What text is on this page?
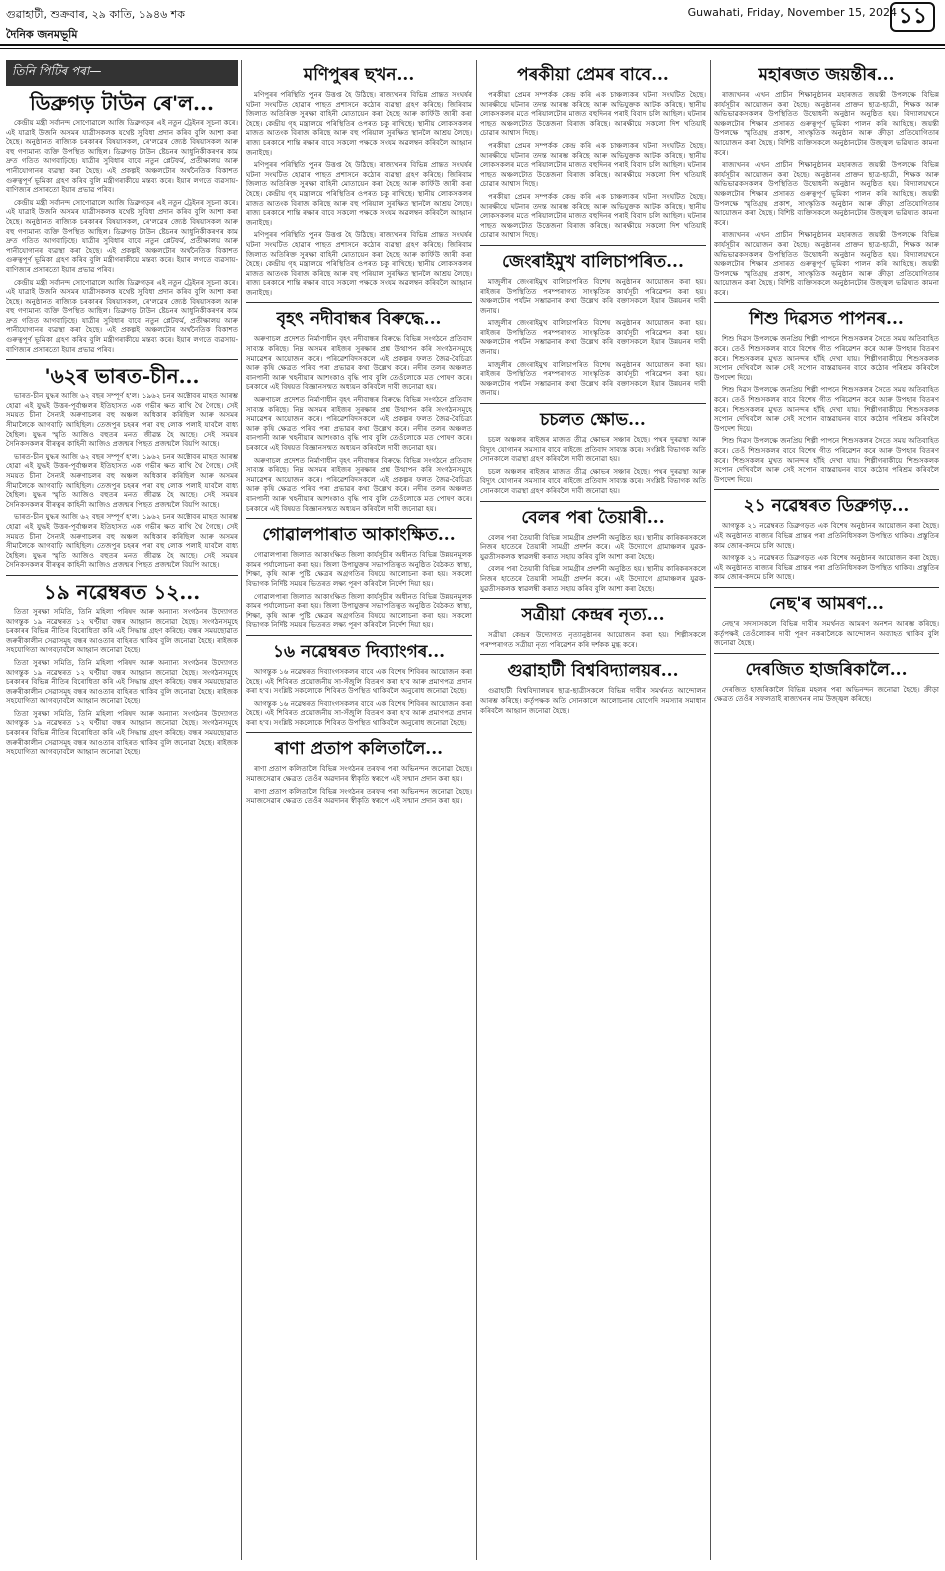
গুৱাহাটী, শুক্ৰবাৰ, ২৯ কাতি, ১৯৪৬ শক	Guwahati, Friday, November 15, 2024 ১১
দৈনিক জনমভূমি
তিনি পিটিৰ পৰা—
ডিব্ৰুগড় টাউন ৰে'ল...

কেন্দ্ৰীয় মন্ত্ৰী সৰ্বানন্দ সোণোৱালে আজি ডিব্ৰুগড়ৰ এই নতুন ট্ৰেইনৰ সূচনা কৰে। এই যাত্ৰাই উজনি অসমৰ যাত্ৰীসকলক যথেষ্ট সুবিধা প্ৰদান কৰিব বুলি আশা কৰা হৈছে। অনুষ্ঠানত ৰাজ্যিক চৰকাৰৰ বিষয়াসকল, ৰে'লৱেৰ জ্যেষ্ঠ বিষয়াসকল আৰু বহু গণ্যমান্য ব্যক্তি উপস্থিত আছিল। ডিব্ৰুগড় টাউন ষ্টেচনৰ আধুনিকীকৰণৰ কাম দ্ৰুত গতিত আগবাঢ়িছে। যাত্ৰীৰ সুবিধাৰ বাবে নতুন প্লেটফৰ্ম, প্ৰতীক্ষালয় আৰু পানীযোগানৰ ব্যৱস্থা কৰা হৈছে। এই প্ৰকল্পই অঞ্চলটোৰ অৰ্থনৈতিক বিকাশত গুৰুত্বপূৰ্ণ ভূমিকা গ্ৰহণ কৰিব বুলি মন্ত্ৰীগৰাকীয়ে মন্তব্য কৰে। ইয়াৰ লগতে ব্যৱসায়-বাণিজ্যৰ প্ৰসাৰতো ইয়াৰ প্ৰভাৱ পৰিব।

কেন্দ্ৰীয় মন্ত্ৰী সৰ্বানন্দ সোণোৱালে আজি ডিব্ৰুগড়ৰ এই নতুন ট্ৰেইনৰ সূচনা কৰে। এই যাত্ৰাই উজনি অসমৰ যাত্ৰীসকলক যথেষ্ট সুবিধা প্ৰদান কৰিব বুলি আশা কৰা হৈছে। অনুষ্ঠানত ৰাজ্যিক চৰকাৰৰ বিষয়াসকল, ৰে'লৱেৰ জ্যেষ্ঠ বিষয়াসকল আৰু বহু গণ্যমান্য ব্যক্তি উপস্থিত আছিল। ডিব্ৰুগড় টাউন ষ্টেচনৰ আধুনিকীকৰণৰ কাম দ্ৰুত গতিত আগবাঢ়িছে। যাত্ৰীৰ সুবিধাৰ বাবে নতুন প্লেটফৰ্ম, প্ৰতীক্ষালয় আৰু পানীযোগানৰ ব্যৱস্থা কৰা হৈছে। এই প্ৰকল্পই অঞ্চলটোৰ অৰ্থনৈতিক বিকাশত গুৰুত্বপূৰ্ণ ভূমিকা গ্ৰহণ কৰিব বুলি মন্ত্ৰীগৰাকীয়ে মন্তব্য কৰে। ইয়াৰ লগতে ব্যৱসায়-বাণিজ্যৰ প্ৰসাৰতো ইয়াৰ প্ৰভাৱ পৰিব।

কেন্দ্ৰীয় মন্ত্ৰী সৰ্বানন্দ সোণোৱালে আজি ডিব্ৰুগড়ৰ এই নতুন ট্ৰেইনৰ সূচনা কৰে। এই যাত্ৰাই উজনি অসমৰ যাত্ৰীসকলক যথেষ্ট সুবিধা প্ৰদান কৰিব বুলি আশা কৰা হৈছে। অনুষ্ঠানত ৰাজ্যিক চৰকাৰৰ বিষয়াসকল, ৰে'লৱেৰ জ্যেষ্ঠ বিষয়াসকল আৰু বহু গণ্যমান্য ব্যক্তি উপস্থিত আছিল। ডিব্ৰুগড় টাউন ষ্টেচনৰ আধুনিকীকৰণৰ কাম দ্ৰুত গতিত আগবাঢ়িছে। যাত্ৰীৰ সুবিধাৰ বাবে নতুন প্লেটফৰ্ম, প্ৰতীক্ষালয় আৰু পানীযোগানৰ ব্যৱস্থা কৰা হৈছে। এই প্ৰকল্পই অঞ্চলটোৰ অৰ্থনৈতিক বিকাশত গুৰুত্বপূৰ্ণ ভূমিকা গ্ৰহণ কৰিব বুলি মন্ত্ৰীগৰাকীয়ে মন্তব্য কৰে। ইয়াৰ লগতে ব্যৱসায়-বাণিজ্যৰ প্ৰসাৰতো ইয়াৰ প্ৰভাৱ পৰিব।

'৬২ৰ ভাৰত-চীন...

ভাৰত-চীন যুদ্ধৰ আজি ৬২ বছৰ সম্পূৰ্ণ হ'ল। ১৯৬২ চনৰ অক্টোবৰ মাহত আৰম্ভ হোৱা এই যুদ্ধই উত্তৰ-পূৰ্বাঞ্চলৰ ইতিহাসত এক গভীৰ ক্ষত ৰাখি থৈ গৈছে। সেই সময়ত চীনা সৈন্যই অৰুণাচলৰ বহু অঞ্চল অধিকাৰ কৰিছিল আৰু অসমৰ সীমালৈকে আগবাঢ়ি আহিছিল। তেজপুৰ চহৰৰ পৰা বহু লোক পলাই যাবলৈ বাধ্য হৈছিল। যুদ্ধৰ স্মৃতি আজিও বহুতৰ মনত জীৱন্ত হৈ আছে। সেই সময়ৰ সৈনিকসকলৰ বীৰত্বৰ কাহিনী আজিও প্ৰজন্মৰ পিছত প্ৰজন্মলৈ বিয়পি আছে।

ভাৰত-চীন যুদ্ধৰ আজি ৬২ বছৰ সম্পূৰ্ণ হ'ল। ১৯৬২ চনৰ অক্টোবৰ মাহত আৰম্ভ হোৱা এই যুদ্ধই উত্তৰ-পূৰ্বাঞ্চলৰ ইতিহাসত এক গভীৰ ক্ষত ৰাখি থৈ গৈছে। সেই সময়ত চীনা সৈন্যই অৰুণাচলৰ বহু অঞ্চল অধিকাৰ কৰিছিল আৰু অসমৰ সীমালৈকে আগবাঢ়ি আহিছিল। তেজপুৰ চহৰৰ পৰা বহু লোক পলাই যাবলৈ বাধ্য হৈছিল। যুদ্ধৰ স্মৃতি আজিও বহুতৰ মনত জীৱন্ত হৈ আছে। সেই সময়ৰ সৈনিকসকলৰ বীৰত্বৰ কাহিনী আজিও প্ৰজন্মৰ পিছত প্ৰজন্মলৈ বিয়পি আছে।

ভাৰত-চীন যুদ্ধৰ আজি ৬২ বছৰ সম্পূৰ্ণ হ'ল। ১৯৬২ চনৰ অক্টোবৰ মাহত আৰম্ভ হোৱা এই যুদ্ধই উত্তৰ-পূৰ্বাঞ্চলৰ ইতিহাসত এক গভীৰ ক্ষত ৰাখি থৈ গৈছে। সেই সময়ত চীনা সৈন্যই অৰুণাচলৰ বহু অঞ্চল অধিকাৰ কৰিছিল আৰু অসমৰ সীমালৈকে আগবাঢ়ি আহিছিল। তেজপুৰ চহৰৰ পৰা বহু লোক পলাই যাবলৈ বাধ্য হৈছিল। যুদ্ধৰ স্মৃতি আজিও বহুতৰ মনত জীৱন্ত হৈ আছে। সেই সময়ৰ সৈনিকসকলৰ বীৰত্বৰ কাহিনী আজিও প্ৰজন্মৰ পিছত প্ৰজন্মলৈ বিয়পি আছে।

১৯ নৱেম্বৰত ১২...

তিতা সুৰক্ষা সমিতি, তিনি মহিলা পৰিষদ আৰু অন্যান্য সংগঠনৰ উদ্যোগত আগন্তুক ১৯ নৱেম্বৰত ১২ ঘণ্টীয়া বন্ধৰ আহ্বান জনোৱা হৈছে। সংগঠনসমূহে চৰকাৰৰ বিভিন্ন নীতিৰ বিৰোধিতা কৰি এই সিদ্ধান্ত গ্ৰহণ কৰিছে। বন্ধৰ সময়ছোৱাত জৰুৰীকালীন সেৱাসমূহ বন্ধৰ আওতাৰ বাহিৰত থাকিব বুলি জনোৱা হৈছে। ৰাইজক সহযোগিতা আগবঢ়াবলৈ আহ্বান জনোৱা হৈছে।

তিতা সুৰক্ষা সমিতি, তিনি মহিলা পৰিষদ আৰু অন্যান্য সংগঠনৰ উদ্যোগত আগন্তুক ১৯ নৱেম্বৰত ১২ ঘণ্টীয়া বন্ধৰ আহ্বান জনোৱা হৈছে। সংগঠনসমূহে চৰকাৰৰ বিভিন্ন নীতিৰ বিৰোধিতা কৰি এই সিদ্ধান্ত গ্ৰহণ কৰিছে। বন্ধৰ সময়ছোৱাত জৰুৰীকালীন সেৱাসমূহ বন্ধৰ আওতাৰ বাহিৰত থাকিব বুলি জনোৱা হৈছে। ৰাইজক সহযোগিতা আগবঢ়াবলৈ আহ্বান জনোৱা হৈছে।

তিতা সুৰক্ষা সমিতি, তিনি মহিলা পৰিষদ আৰু অন্যান্য সংগঠনৰ উদ্যোগত আগন্তুক ১৯ নৱেম্বৰত ১২ ঘণ্টীয়া বন্ধৰ আহ্বান জনোৱা হৈছে। সংগঠনসমূহে চৰকাৰৰ বিভিন্ন নীতিৰ বিৰোধিতা কৰি এই সিদ্ধান্ত গ্ৰহণ কৰিছে। বন্ধৰ সময়ছোৱাত জৰুৰীকালীন সেৱাসমূহ বন্ধৰ আওতাৰ বাহিৰত থাকিব বুলি জনোৱা হৈছে। ৰাইজক সহযোগিতা আগবঢ়াবলৈ আহ্বান জনোৱা হৈছে।

মণিপুৰৰ ছখন...

মণিপুৰৰ পৰিস্থিতি পুনৰ উত্তপ্ত হৈ উঠিছে। ৰাজ্যখনৰ বিভিন্ন প্ৰান্তত সংঘৰ্ষৰ ঘটনা সংঘটিত হোৱাৰ পাছত প্ৰশাসনে কঠোৰ ব্যৱস্থা গ্ৰহণ কৰিছে। জিৰিবাম জিলাত অতিৰিক্ত সুৰক্ষা বাহিনী মোতায়েন কৰা হৈছে আৰু কাৰ্ফিউ জাৰী কৰা হৈছে। কেন্দ্ৰীয় গৃহ মন্ত্ৰালয়ে পৰিস্থিতিৰ ওপৰত চকু ৰাখিছে। স্থানীয় লোকসকলৰ মাজত আতংক বিৰাজ কৰিছে আৰু বহু পৰিয়াল সুৰক্ষিত স্থানলৈ আশ্ৰয় লৈছে। ৰাজ্য চৰকাৰে শান্তি ৰক্ষাৰ বাবে সকলো পক্ষকে সংযম অৱলম্বন কৰিবলৈ আহ্বান জনাইছে।

মণিপুৰৰ পৰিস্থিতি পুনৰ উত্তপ্ত হৈ উঠিছে। ৰাজ্যখনৰ বিভিন্ন প্ৰান্তত সংঘৰ্ষৰ ঘটনা সংঘটিত হোৱাৰ পাছত প্ৰশাসনে কঠোৰ ব্যৱস্থা গ্ৰহণ কৰিছে। জিৰিবাম জিলাত অতিৰিক্ত সুৰক্ষা বাহিনী মোতায়েন কৰা হৈছে আৰু কাৰ্ফিউ জাৰী কৰা হৈছে। কেন্দ্ৰীয় গৃহ মন্ত্ৰালয়ে পৰিস্থিতিৰ ওপৰত চকু ৰাখিছে। স্থানীয় লোকসকলৰ মাজত আতংক বিৰাজ কৰিছে আৰু বহু পৰিয়াল সুৰক্ষিত স্থানলৈ আশ্ৰয় লৈছে। ৰাজ্য চৰকাৰে শান্তি ৰক্ষাৰ বাবে সকলো পক্ষকে সংযম অৱলম্বন কৰিবলৈ আহ্বান জনাইছে।

মণিপুৰৰ পৰিস্থিতি পুনৰ উত্তপ্ত হৈ উঠিছে। ৰাজ্যখনৰ বিভিন্ন প্ৰান্তত সংঘৰ্ষৰ ঘটনা সংঘটিত হোৱাৰ পাছত প্ৰশাসনে কঠোৰ ব্যৱস্থা গ্ৰহণ কৰিছে। জিৰিবাম জিলাত অতিৰিক্ত সুৰক্ষা বাহিনী মোতায়েন কৰা হৈছে আৰু কাৰ্ফিউ জাৰী কৰা হৈছে। কেন্দ্ৰীয় গৃহ মন্ত্ৰালয়ে পৰিস্থিতিৰ ওপৰত চকু ৰাখিছে। স্থানীয় লোকসকলৰ মাজত আতংক বিৰাজ কৰিছে আৰু বহু পৰিয়াল সুৰক্ষিত স্থানলৈ আশ্ৰয় লৈছে। ৰাজ্য চৰকাৰে শান্তি ৰক্ষাৰ বাবে সকলো পক্ষকে সংযম অৱলম্বন কৰিবলৈ আহ্বান জনাইছে।

বৃহৎ নদীবান্ধৰ বিৰুদ্ধে...

অৰুণাচল প্ৰদেশত নিৰ্মাণাধীন বৃহৎ নদীবান্ধৰ বিৰুদ্ধে বিভিন্ন সংগঠনে প্ৰতিবাদ সাব্যস্ত কৰিছে। নিম্ন অসমৰ ৰাইজৰ সুৰক্ষাৰ প্ৰশ্ন উত্থাপন কৰি সংগঠনসমূহে সমাৱেশৰ আয়োজন কৰে। পৰিৱেশবিদসকলে এই প্ৰকল্পৰ ফলত জৈৱ-বৈচিত্ৰ্য আৰু কৃষি ক্ষেত্ৰত পৰিব পৰা প্ৰভাৱৰ কথা উল্লেখ কৰে। নদীৰ তলৰ অঞ্চলত বানপানী আৰু খহনীয়াৰ আশংকাও বৃদ্ধি পাব বুলি তেওঁলোকে মত পোষণ কৰে। চৰকাৰে এই বিষয়ত বিজ্ঞানসন্মত অধ্যয়ন কৰিবলৈ দাবী জনোৱা হয়।

অৰুণাচল প্ৰদেশত নিৰ্মাণাধীন বৃহৎ নদীবান্ধৰ বিৰুদ্ধে বিভিন্ন সংগঠনে প্ৰতিবাদ সাব্যস্ত কৰিছে। নিম্ন অসমৰ ৰাইজৰ সুৰক্ষাৰ প্ৰশ্ন উত্থাপন কৰি সংগঠনসমূহে সমাৱেশৰ আয়োজন কৰে। পৰিৱেশবিদসকলে এই প্ৰকল্পৰ ফলত জৈৱ-বৈচিত্ৰ্য আৰু কৃষি ক্ষেত্ৰত পৰিব পৰা প্ৰভাৱৰ কথা উল্লেখ কৰে। নদীৰ তলৰ অঞ্চলত বানপানী আৰু খহনীয়াৰ আশংকাও বৃদ্ধি পাব বুলি তেওঁলোকে মত পোষণ কৰে। চৰকাৰে এই বিষয়ত বিজ্ঞানসন্মত অধ্যয়ন কৰিবলৈ দাবী জনোৱা হয়।

অৰুণাচল প্ৰদেশত নিৰ্মাণাধীন বৃহৎ নদীবান্ধৰ বিৰুদ্ধে বিভিন্ন সংগঠনে প্ৰতিবাদ সাব্যস্ত কৰিছে। নিম্ন অসমৰ ৰাইজৰ সুৰক্ষাৰ প্ৰশ্ন উত্থাপন কৰি সংগঠনসমূহে সমাৱেশৰ আয়োজন কৰে। পৰিৱেশবিদসকলে এই প্ৰকল্পৰ ফলত জৈৱ-বৈচিত্ৰ্য আৰু কৃষি ক্ষেত্ৰত পৰিব পৰা প্ৰভাৱৰ কথা উল্লেখ কৰে। নদীৰ তলৰ অঞ্চলত বানপানী আৰু খহনীয়াৰ আশংকাও বৃদ্ধি পাব বুলি তেওঁলোকে মত পোষণ কৰে। চৰকাৰে এই বিষয়ত বিজ্ঞানসন্মত অধ্যয়ন কৰিবলৈ দাবী জনোৱা হয়।

গোৱালপাৰাত আকাংক্ষিত...

গোৱালপাৰা জিলাত আকাংক্ষিত জিলা কাৰ্যসূচীৰ অধীনত বিভিন্ন উন্নয়নমূলক কামৰ পৰ্যালোচনা কৰা হয়। জিলা উপায়ুক্তৰ সভাপতিত্বত অনুষ্ঠিত বৈঠকত স্বাস্থ্য, শিক্ষা, কৃষি আৰু পুষ্টি ক্ষেত্ৰৰ অগ্ৰগতিৰ বিষয়ে আলোচনা কৰা হয়। সকলো বিভাগক নিৰ্দিষ্ট সময়ৰ ভিতৰত লক্ষ্য পূৰণ কৰিবলৈ নিৰ্দেশ দিয়া হয়।

গোৱালপাৰা জিলাত আকাংক্ষিত জিলা কাৰ্যসূচীৰ অধীনত বিভিন্ন উন্নয়নমূলক কামৰ পৰ্যালোচনা কৰা হয়। জিলা উপায়ুক্তৰ সভাপতিত্বত অনুষ্ঠিত বৈঠকত স্বাস্থ্য, শিক্ষা, কৃষি আৰু পুষ্টি ক্ষেত্ৰৰ অগ্ৰগতিৰ বিষয়ে আলোচনা কৰা হয়। সকলো বিভাগক নিৰ্দিষ্ট সময়ৰ ভিতৰত লক্ষ্য পূৰণ কৰিবলৈ নিৰ্দেশ দিয়া হয়।

১৬ নৱেম্বৰত দিব্যাংগৰ...

আগন্তুক ১৬ নৱেম্বৰত দিব্যাংগসকলৰ বাবে এক বিশেষ শিবিৰৰ আয়োজন কৰা হৈছে। এই শিবিৰত প্ৰয়োজনীয় সা-সঁজুলি বিতৰণ কৰা হ'ব আৰু প্ৰমাণপত্ৰ প্ৰদান কৰা হ'ব। সংশ্লিষ্ট সকলোকে শিবিৰত উপস্থিত থাকিবলৈ অনুৰোধ জনোৱা হৈছে।

আগন্তুক ১৬ নৱেম্বৰত দিব্যাংগসকলৰ বাবে এক বিশেষ শিবিৰৰ আয়োজন কৰা হৈছে। এই শিবিৰত প্ৰয়োজনীয় সা-সঁজুলি বিতৰণ কৰা হ'ব আৰু প্ৰমাণপত্ৰ প্ৰদান কৰা হ'ব। সংশ্লিষ্ট সকলোকে শিবিৰত উপস্থিত থাকিবলৈ অনুৰোধ জনোৱা হৈছে।

ৰাণা প্ৰতাপ কলিতালৈ...

ৰাণা প্ৰতাপ কলিতালৈ বিভিন্ন সংগঠনৰ তৰফৰ পৰা অভিনন্দন জনোৱা হৈছে। সমাজসেৱাৰ ক্ষেত্ৰত তেওঁৰ অৱদানৰ স্বীকৃতি স্বৰূপে এই সন্মান প্ৰদান কৰা হয়।

ৰাণা প্ৰতাপ কলিতালৈ বিভিন্ন সংগঠনৰ তৰফৰ পৰা অভিনন্দন জনোৱা হৈছে। সমাজসেৱাৰ ক্ষেত্ৰত তেওঁৰ অৱদানৰ স্বীকৃতি স্বৰূপে এই সন্মান প্ৰদান কৰা হয়।

পৰকীয়া প্ৰেমৰ বাবে...

পৰকীয়া প্ৰেমৰ সম্পৰ্কক কেন্দ্ৰ কৰি এক চাঞ্চল্যকৰ ঘটনা সংঘটিত হৈছে। আৰক্ষীয়ে ঘটনাৰ তদন্ত আৰম্ভ কৰিছে আৰু অভিযুক্তক আটক কৰিছে। স্থানীয় লোকসকলৰ মতে পৰিয়ালটোৰ মাজত বহুদিনৰ পৰাই বিবাদ চলি আছিল। ঘটনাৰ পাছত অঞ্চলটোত উত্তেজনা বিৰাজ কৰিছে। আৰক্ষীয়ে সকলো দিশ খতিয়াই চোৱাৰ আশ্বাস দিছে।

পৰকীয়া প্ৰেমৰ সম্পৰ্কক কেন্দ্ৰ কৰি এক চাঞ্চল্যকৰ ঘটনা সংঘটিত হৈছে। আৰক্ষীয়ে ঘটনাৰ তদন্ত আৰম্ভ কৰিছে আৰু অভিযুক্তক আটক কৰিছে। স্থানীয় লোকসকলৰ মতে পৰিয়ালটোৰ মাজত বহুদিনৰ পৰাই বিবাদ চলি আছিল। ঘটনাৰ পাছত অঞ্চলটোত উত্তেজনা বিৰাজ কৰিছে। আৰক্ষীয়ে সকলো দিশ খতিয়াই চোৱাৰ আশ্বাস দিছে।

পৰকীয়া প্ৰেমৰ সম্পৰ্কক কেন্দ্ৰ কৰি এক চাঞ্চল্যকৰ ঘটনা সংঘটিত হৈছে। আৰক্ষীয়ে ঘটনাৰ তদন্ত আৰম্ভ কৰিছে আৰু অভিযুক্তক আটক কৰিছে। স্থানীয় লোকসকলৰ মতে পৰিয়ালটোৰ মাজত বহুদিনৰ পৰাই বিবাদ চলি আছিল। ঘটনাৰ পাছত অঞ্চলটোত উত্তেজনা বিৰাজ কৰিছে। আৰক্ষীয়ে সকলো দিশ খতিয়াই চোৱাৰ আশ্বাস দিছে।

জেংৰাইমুখ বালিচাপৰিত...

মাজুলীৰ জেংৰাইমুখ বালিচাপৰিত বিশেষ অনুষ্ঠানৰ আয়োজন কৰা হয়। ৰাইজৰ উপস্থিতিত পৰম্পৰাগত সাংস্কৃতিক কাৰ্যসূচী পৰিৱেশন কৰা হয়। অঞ্চলটোৰ পৰ্যটন সম্ভাৱনাৰ কথা উল্লেখ কৰি বক্তাসকলে ইয়াৰ উন্নয়নৰ দাবী জনায়।

মাজুলীৰ জেংৰাইমুখ বালিচাপৰিত বিশেষ অনুষ্ঠানৰ আয়োজন কৰা হয়। ৰাইজৰ উপস্থিতিত পৰম্পৰাগত সাংস্কৃতিক কাৰ্যসূচী পৰিৱেশন কৰা হয়। অঞ্চলটোৰ পৰ্যটন সম্ভাৱনাৰ কথা উল্লেখ কৰি বক্তাসকলে ইয়াৰ উন্নয়নৰ দাবী জনায়।

মাজুলীৰ জেংৰাইমুখ বালিচাপৰিত বিশেষ অনুষ্ঠানৰ আয়োজন কৰা হয়। ৰাইজৰ উপস্থিতিত পৰম্পৰাগত সাংস্কৃতিক কাৰ্যসূচী পৰিৱেশন কৰা হয়। অঞ্চলটোৰ পৰ্যটন সম্ভাৱনাৰ কথা উল্লেখ কৰি বক্তাসকলে ইয়াৰ উন্নয়নৰ দাবী জনায়।

চচলত ক্ষোভ...

চচল অঞ্চলৰ ৰাইজৰ মাজত তীব্ৰ ক্ষোভৰ সঞ্চাৰ হৈছে। পথৰ দুৰৱস্থা আৰু বিদ্যুৎ যোগানৰ সমস্যাৰ বাবে ৰাইজে প্ৰতিবাদ সাব্যস্ত কৰে। সংশ্লিষ্ট বিভাগক অতি সোনকালে ব্যৱস্থা গ্ৰহণ কৰিবলৈ দাবী জনোৱা হয়।

চচল অঞ্চলৰ ৰাইজৰ মাজত তীব্ৰ ক্ষোভৰ সঞ্চাৰ হৈছে। পথৰ দুৰৱস্থা আৰু বিদ্যুৎ যোগানৰ সমস্যাৰ বাবে ৰাইজে প্ৰতিবাদ সাব্যস্ত কৰে। সংশ্লিষ্ট বিভাগক অতি সোনকালে ব্যৱস্থা গ্ৰহণ কৰিবলৈ দাবী জনোৱা হয়।

বেলৰ পৰা তৈয়াৰী...

বেলৰ পৰা তৈয়াৰী বিভিন্ন সামগ্ৰীৰ প্ৰদৰ্শনী অনুষ্ঠিত হয়। স্থানীয় কাৰিকৰসকলে নিজৰ হাতেৰে তৈয়াৰী সামগ্ৰী প্ৰদৰ্শন কৰে। এই উদ্যোগে গ্ৰামাঞ্চলৰ যুৱক-যুৱতীসকলক স্বাৱলম্বী কৰাত সহায় কৰিব বুলি আশা কৰা হৈছে।

বেলৰ পৰা তৈয়াৰী বিভিন্ন সামগ্ৰীৰ প্ৰদৰ্শনী অনুষ্ঠিত হয়। স্থানীয় কাৰিকৰসকলে নিজৰ হাতেৰে তৈয়াৰী সামগ্ৰী প্ৰদৰ্শন কৰে। এই উদ্যোগে গ্ৰামাঞ্চলৰ যুৱক-যুৱতীসকলক স্বাৱলম্বী কৰাত সহায় কৰিব বুলি আশা কৰা হৈছে।

সত্ৰীয়া কেন্দ্ৰৰ নৃত্য...

সত্ৰীয়া কেন্দ্ৰৰ উদ্যোগত নৃত্যানুষ্ঠানৰ আয়োজন কৰা হয়। শিল্পীসকলে পৰম্পৰাগত সত্ৰীয়া নৃত্য পৰিৱেশন কৰি দৰ্শকক মুগ্ধ কৰে।

গুৱাহাটী বিশ্ববিদ্যালয়ৰ...

গুৱাহাটী বিশ্ববিদ্যালয়ৰ ছাত্ৰ-ছাত্ৰীসকলে বিভিন্ন দাবীৰ সমৰ্থনত আন্দোলন আৰম্ভ কৰিছে। কৰ্তৃপক্ষক অতি সোনকালে আলোচনাৰ যোগেদি সমস্যাৰ সমাধান কৰিবলৈ আহ্বান জনোৱা হৈছে।

মহাৰজত জয়ন্তীৰ...

ৰাজ্যখনৰ এখন প্ৰাচীন শিক্ষানুষ্ঠানৰ মহাৰজত জয়ন্তী উপলক্ষে বিভিন্ন কাৰ্যসূচীৰ আয়োজন কৰা হৈছে। অনুষ্ঠানৰ প্ৰাক্তন ছাত্ৰ-ছাত্ৰী, শিক্ষক আৰু অভিভাৱকসকলৰ উপস্থিতিত উদ্বোধনী অনুষ্ঠান অনুষ্ঠিত হয়। বিদ্যালয়খনে অঞ্চলটোৰ শিক্ষাৰ প্ৰসাৰত গুৰুত্বপূৰ্ণ ভূমিকা পালন কৰি আহিছে। জয়ন্তী উপলক্ষে স্মৃতিগ্ৰন্থ প্ৰকাশ, সাংস্কৃতিক অনুষ্ঠান আৰু ক্ৰীড়া প্ৰতিযোগিতাৰ আয়োজন কৰা হৈছে। বিশিষ্ট ব্যক্তিসকলে অনুষ্ঠানটোৰ উজ্জ্বল ভৱিষ্যত কামনা কৰে।

ৰাজ্যখনৰ এখন প্ৰাচীন শিক্ষানুষ্ঠানৰ মহাৰজত জয়ন্তী উপলক্ষে বিভিন্ন কাৰ্যসূচীৰ আয়োজন কৰা হৈছে। অনুষ্ঠানৰ প্ৰাক্তন ছাত্ৰ-ছাত্ৰী, শিক্ষক আৰু অভিভাৱকসকলৰ উপস্থিতিত উদ্বোধনী অনুষ্ঠান অনুষ্ঠিত হয়। বিদ্যালয়খনে অঞ্চলটোৰ শিক্ষাৰ প্ৰসাৰত গুৰুত্বপূৰ্ণ ভূমিকা পালন কৰি আহিছে। জয়ন্তী উপলক্ষে স্মৃতিগ্ৰন্থ প্ৰকাশ, সাংস্কৃতিক অনুষ্ঠান আৰু ক্ৰীড়া প্ৰতিযোগিতাৰ আয়োজন কৰা হৈছে। বিশিষ্ট ব্যক্তিসকলে অনুষ্ঠানটোৰ উজ্জ্বল ভৱিষ্যত কামনা কৰে।

ৰাজ্যখনৰ এখন প্ৰাচীন শিক্ষানুষ্ঠানৰ মহাৰজত জয়ন্তী উপলক্ষে বিভিন্ন কাৰ্যসূচীৰ আয়োজন কৰা হৈছে। অনুষ্ঠানৰ প্ৰাক্তন ছাত্ৰ-ছাত্ৰী, শিক্ষক আৰু অভিভাৱকসকলৰ উপস্থিতিত উদ্বোধনী অনুষ্ঠান অনুষ্ঠিত হয়। বিদ্যালয়খনে অঞ্চলটোৰ শিক্ষাৰ প্ৰসাৰত গুৰুত্বপূৰ্ণ ভূমিকা পালন কৰি আহিছে। জয়ন্তী উপলক্ষে স্মৃতিগ্ৰন্থ প্ৰকাশ, সাংস্কৃতিক অনুষ্ঠান আৰু ক্ৰীড়া প্ৰতিযোগিতাৰ আয়োজন কৰা হৈছে। বিশিষ্ট ব্যক্তিসকলে অনুষ্ঠানটোৰ উজ্জ্বল ভৱিষ্যত কামনা কৰে।

শিশু দিৱসত পাপনৰ...

শিশু দিৱস উপলক্ষে জনপ্ৰিয় শিল্পী পাপনে শিশুসকলৰ সৈতে সময় অতিবাহিত কৰে। তেওঁ শিশুসকলৰ বাবে বিশেষ গীত পৰিৱেশন কৰে আৰু উপহাৰ বিতৰণ কৰে। শিশুসকলৰ মুখত আনন্দৰ হাঁহি দেখা যায়। শিল্পীগৰাকীয়ে শিশুসকলক সপোন দেখিবলৈ আৰু সেই সপোন বাস্তৱায়নৰ বাবে কঠোৰ পৰিশ্ৰম কৰিবলৈ উপদেশ দিয়ে।

শিশু দিৱস উপলক্ষে জনপ্ৰিয় শিল্পী পাপনে শিশুসকলৰ সৈতে সময় অতিবাহিত কৰে। তেওঁ শিশুসকলৰ বাবে বিশেষ গীত পৰিৱেশন কৰে আৰু উপহাৰ বিতৰণ কৰে। শিশুসকলৰ মুখত আনন্দৰ হাঁহি দেখা যায়। শিল্পীগৰাকীয়ে শিশুসকলক সপোন দেখিবলৈ আৰু সেই সপোন বাস্তৱায়নৰ বাবে কঠোৰ পৰিশ্ৰম কৰিবলৈ উপদেশ দিয়ে।

শিশু দিৱস উপলক্ষে জনপ্ৰিয় শিল্পী পাপনে শিশুসকলৰ সৈতে সময় অতিবাহিত কৰে। তেওঁ শিশুসকলৰ বাবে বিশেষ গীত পৰিৱেশন কৰে আৰু উপহাৰ বিতৰণ কৰে। শিশুসকলৰ মুখত আনন্দৰ হাঁহি দেখা যায়। শিল্পীগৰাকীয়ে শিশুসকলক সপোন দেখিবলৈ আৰু সেই সপোন বাস্তৱায়নৰ বাবে কঠোৰ পৰিশ্ৰম কৰিবলৈ উপদেশ দিয়ে।

২১ নৱেম্বৰত ডিব্ৰুগড়...

আগন্তুক ২১ নৱেম্বৰত ডিব্ৰুগড়ত এক বিশেষ অনুষ্ঠানৰ আয়োজন কৰা হৈছে। এই অনুষ্ঠানত ৰাজ্যৰ বিভিন্ন প্ৰান্তৰ পৰা প্ৰতিনিধিসকল উপস্থিত থাকিব। প্ৰস্তুতিৰ কাম জোৰ-কদমে চলি আছে।

আগন্তুক ২১ নৱেম্বৰত ডিব্ৰুগড়ত এক বিশেষ অনুষ্ঠানৰ আয়োজন কৰা হৈছে। এই অনুষ্ঠানত ৰাজ্যৰ বিভিন্ন প্ৰান্তৰ পৰা প্ৰতিনিধিসকল উপস্থিত থাকিব। প্ৰস্তুতিৰ কাম জোৰ-কদমে চলি আছে।

নেছ'ৰ আমৰণ...

নেছ'ৰ সদস্যসকলে বিভিন্ন দাবীৰ সমৰ্থনত আমৰণ অনশন আৰম্ভ কৰিছে। কৰ্তৃপক্ষই তেওঁলোকৰ দাবী পূৰণ নকৰালৈকে আন্দোলন অব্যাহত থাকিব বুলি জনোৱা হৈছে।

দেৰজিত হাজৰিকালৈ...

দেৰজিত হাজৰিকালৈ বিভিন্ন মহলৰ পৰা অভিনন্দন জনোৱা হৈছে। ক্ৰীড়া ক্ষেত্ৰত তেওঁৰ সফলতাই ৰাজ্যখনৰ নাম উজ্জ্বল কৰিছে।
